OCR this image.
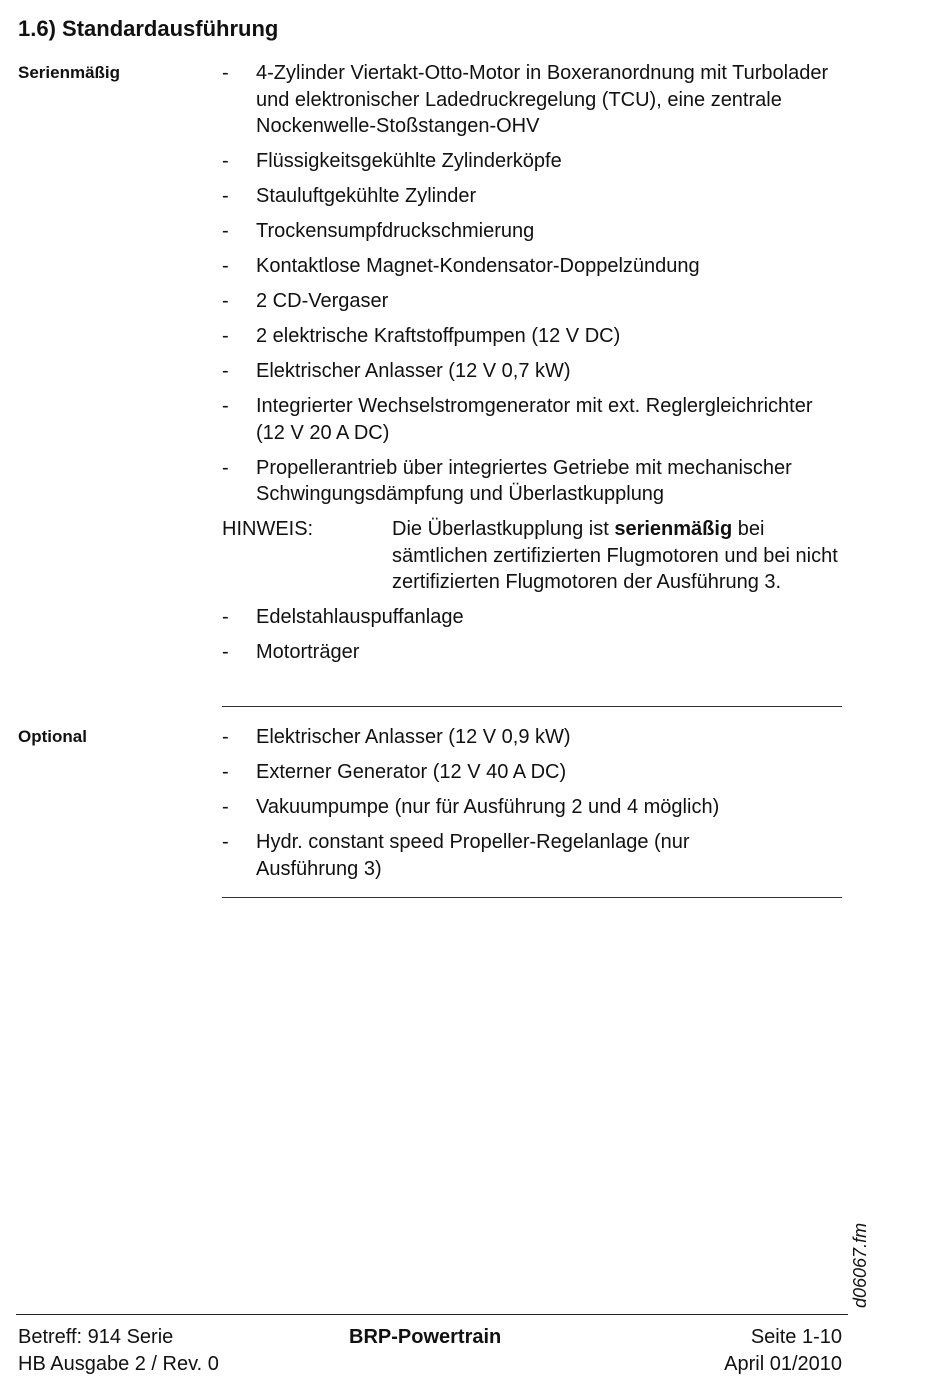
1.6) Standardausführung
Serienmäßig	- 4-Zylinder Viertakt-Otto-Motor in Boxeranordnung mit Turbolader und elektronischer Ladedruckregelung (TCU), eine zentrale Nockenwelle-Stoßstangen-OHV
- Flüssigkeitsgekühlte Zylinderköpfe
- Stauluftgekühlte Zylinder
- Trockensumpfdruckschmierung
- Kontaktlose Magnet-Kondensator-Doppelzündung
- 2 CD-Vergaser
- 2 elektrische Kraftstoffpumpen (12 V DC)
- Elektrischer Anlasser (12 V 0,7 kW)
- Integrierter Wechselstromgenerator mit ext. Reglergleichrichter (12 V 20 A DC)
- Propellerantrieb über integriertes Getriebe mit mechanischer Schwingungsdämpfung und Überlastkupplung
HINWEIS:	Die Überlastkupplung ist serienmäßig bei sämtlichen zertifizierten Flugmotoren und bei nicht zertifizierten Flugmotoren der Ausführung 3.
- Edelstahlauspuffanlage
- Motorträger
Optional	- Elektrischer Anlasser (12 V 0,9 kW)
- Externer Generator (12 V 40 A DC)
- Vakuumpumpe (nur für Ausführung 2 und 4 möglich)
- Hydr. constant speed Propeller-Regelanlage (nur Ausführung 3)
d06067.fm
Betreff: 914 Serie
HB Ausgabe 2 / Rev. 0
BRP-Powertrain	Seite 1-10
April 01/2010
